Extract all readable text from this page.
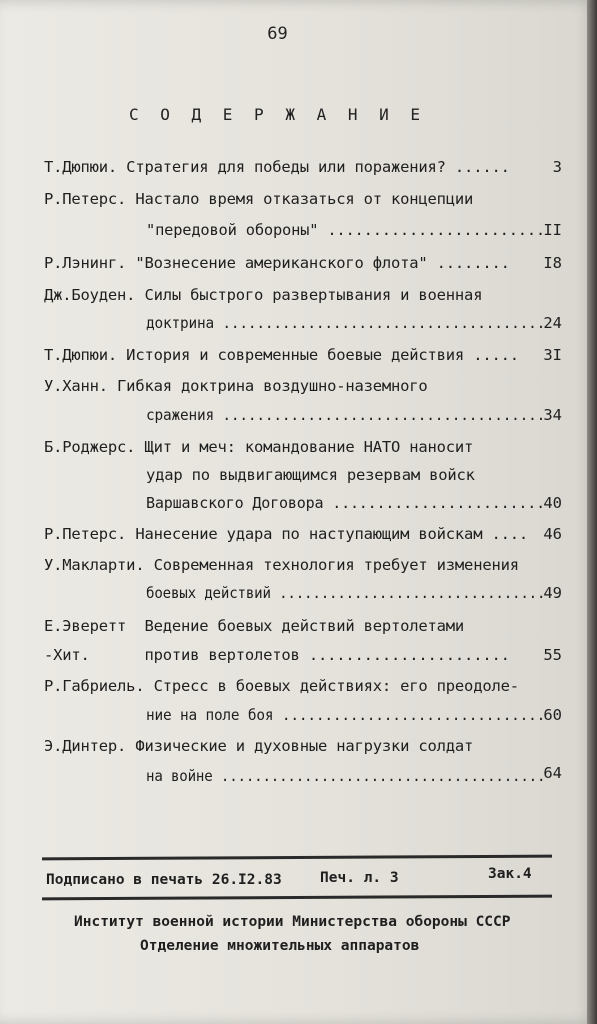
69
С О Д Е Р Ж А Н И Е
Т.Дюпюи. Стратегия для победы или поражения? ......	3
Р.Петерс. Настало время отказаться от концепции
"передовой обороны" ........................
II
Р.Лэнинг. "Вознесение американского флота" ........	I8
Дж.Боуден. Силы быстрого развертывания и военная
доктрина ......................................
24
Т.Дюпюи. История и современные боевые действия .....	3I
У.Ханн. Гибкая доктрина воздушно-наземного
сражения ......................................
34
Б.Роджерс. Щит и меч: командование НАТО наносит
удар по выдвигающимся резервам войск
Варшавского Договора ........................
40
Р.Петерс. Нанесение удара по наступающим войскам .... 46
У.Макларти. Современная технология требует изменения
боевых действий ................................
49
Е.Эверетт  Ведение боевых действий вертолетами
-Хит.      против вертолетов ......................	55
Р.Габриель. Стресс в боевых действиях: его преодоле-
ние на поле боя ...............................
60
Э.Динтер. Физические и духовные нагрузки солдат
на войне .......................................
64
Подписано в печать 26.I2.83	Печ. л. 3	Зак.4
Институт военной истории Министерства обороны СССР
Отделение множительных аппаратов
